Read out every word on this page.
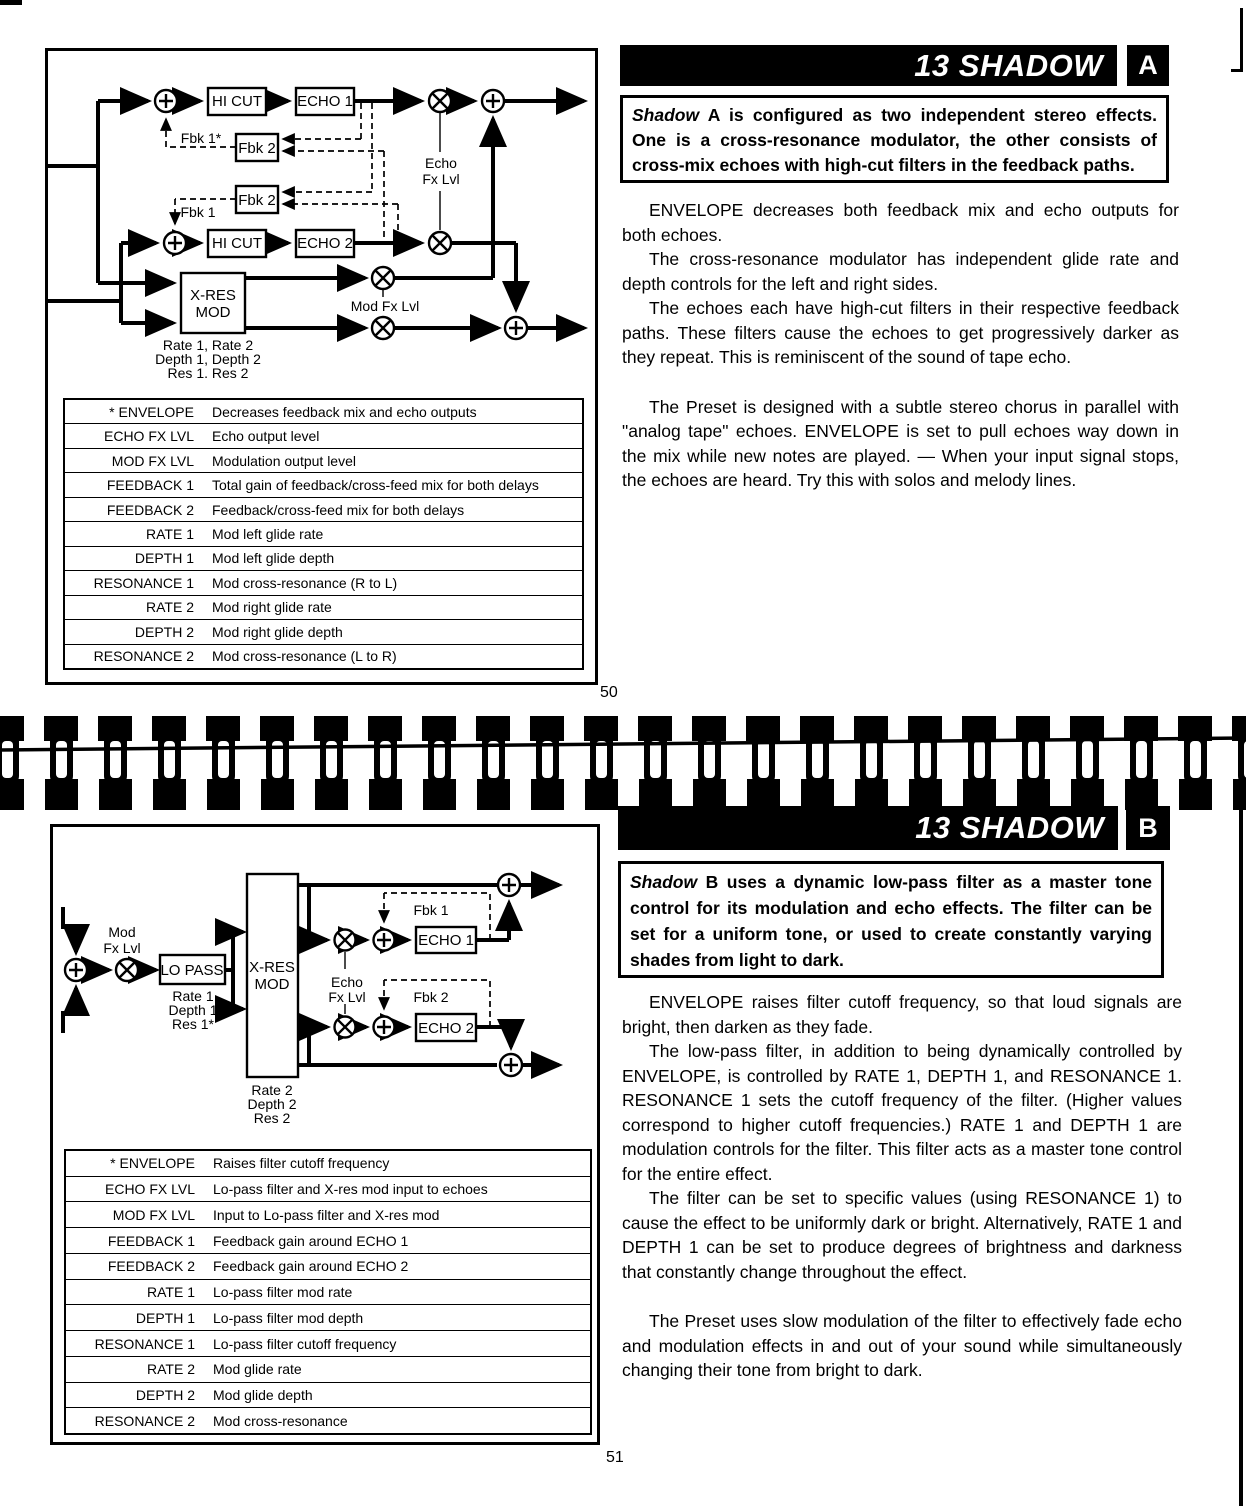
HI CUT ECHO 1
HI CUT ECHO 2
Fbk 2
Fbk 2
X-RES
MOD
Fbk 1*
Fbk 1
Echo
Fx Lvl
Mod Fx Lvl
Rate 1, Rate 2
Depth 1, Depth 2
Res 1. Res 2
* ENVELOPE	Decreases feedback mix and echo outputs
ECHO FX LVL	Echo output level
MOD FX LVL	Modulation output level
FEEDBACK 1	Total gain of feedback/cross-feed mix for both delays
FEEDBACK 2	Feedback/cross-feed mix for both delays
RATE 1	Mod left glide rate
DEPTH 1	Mod left glide depth
RESONANCE 1	Mod cross-resonance (R to L)
RATE 2	Mod right glide rate
DEPTH 2	Mod right glide depth
RESONANCE 2	Mod cross-resonance (L to R)
13 SHADOW	A
Shadow A is configured as two independent stereo effects. One is a cross-resonance modulator, the other consists of cross-mix echoes with high-cut filters in the feedback paths.

ENVELOPE decreases both feedback mix and echo outputs for both echoes.

The cross-resonance modulator has independent glide rate and depth controls for the left and right sides.

The echoes each have high-cut filters in their respective feedback paths. These filters cause the echoes to get progressively darker as they repeat. This is reminiscent of the sound of tape echo.

The Preset is designed with a subtle stereo chorus in parallel with "analog tape" echoes. ENVELOPE is set to pull echoes way down in the mix while new notes are played. — When your input signal stops, the echoes are heard. Try this with solos and melody lines.

50
LO PASS X-RES
MOD
ECHO 1
ECHO 2
Mod
Fx Lvl
Rate 1
Depth 1
Res 1*
Rate 2
Depth 2
Res 2
Fbk 1
Fbk 2
Echo
Fx Lvl
* ENVELOPE	Raises filter cutoff frequency
ECHO FX LVL	Lo-pass filter and X-res mod input to echoes
MOD FX LVL	Input to Lo-pass filter and X-res mod
FEEDBACK 1	Feedback gain around ECHO 1
FEEDBACK 2	Feedback gain around ECHO 2
RATE 1	Lo-pass filter mod rate
DEPTH 1	Lo-pass filter mod depth
RESONANCE 1	Lo-pass filter cutoff frequency
RATE 2	Mod glide rate
DEPTH 2	Mod glide depth
RESONANCE 2	Mod cross-resonance
13 SHADOW	B
Shadow B uses a dynamic low-pass filter as a master tone control for its modulation and echo effects. The filter can be set for a uniform tone, or used to create constantly varying shades from light to dark.

ENVELOPE raises filter cutoff frequency, so that loud signals are bright, then darken as they fade.

The low-pass filter, in addition to being dynamically controlled by ENVELOPE, is controlled by RATE 1, DEPTH 1, and RESONANCE 1. RESONANCE 1 sets the cutoff frequency of the filter. (Higher values correspond to higher cutoff frequencies.) RATE 1 and DEPTH 1 are modulation controls for the filter. This filter acts as a master tone control for the entire effect.

The filter can be set to specific values (using RESONANCE 1) to cause the effect to be uniformly dark or bright. Alternatively, RATE 1 and DEPTH 1 can be set to produce degrees of brightness and darkness that constantly change throughout the effect.

The Preset uses slow modulation of the filter to effectively fade echo and modulation effects in and out of your sound while simultaneously changing their tone from bright to dark.

51
